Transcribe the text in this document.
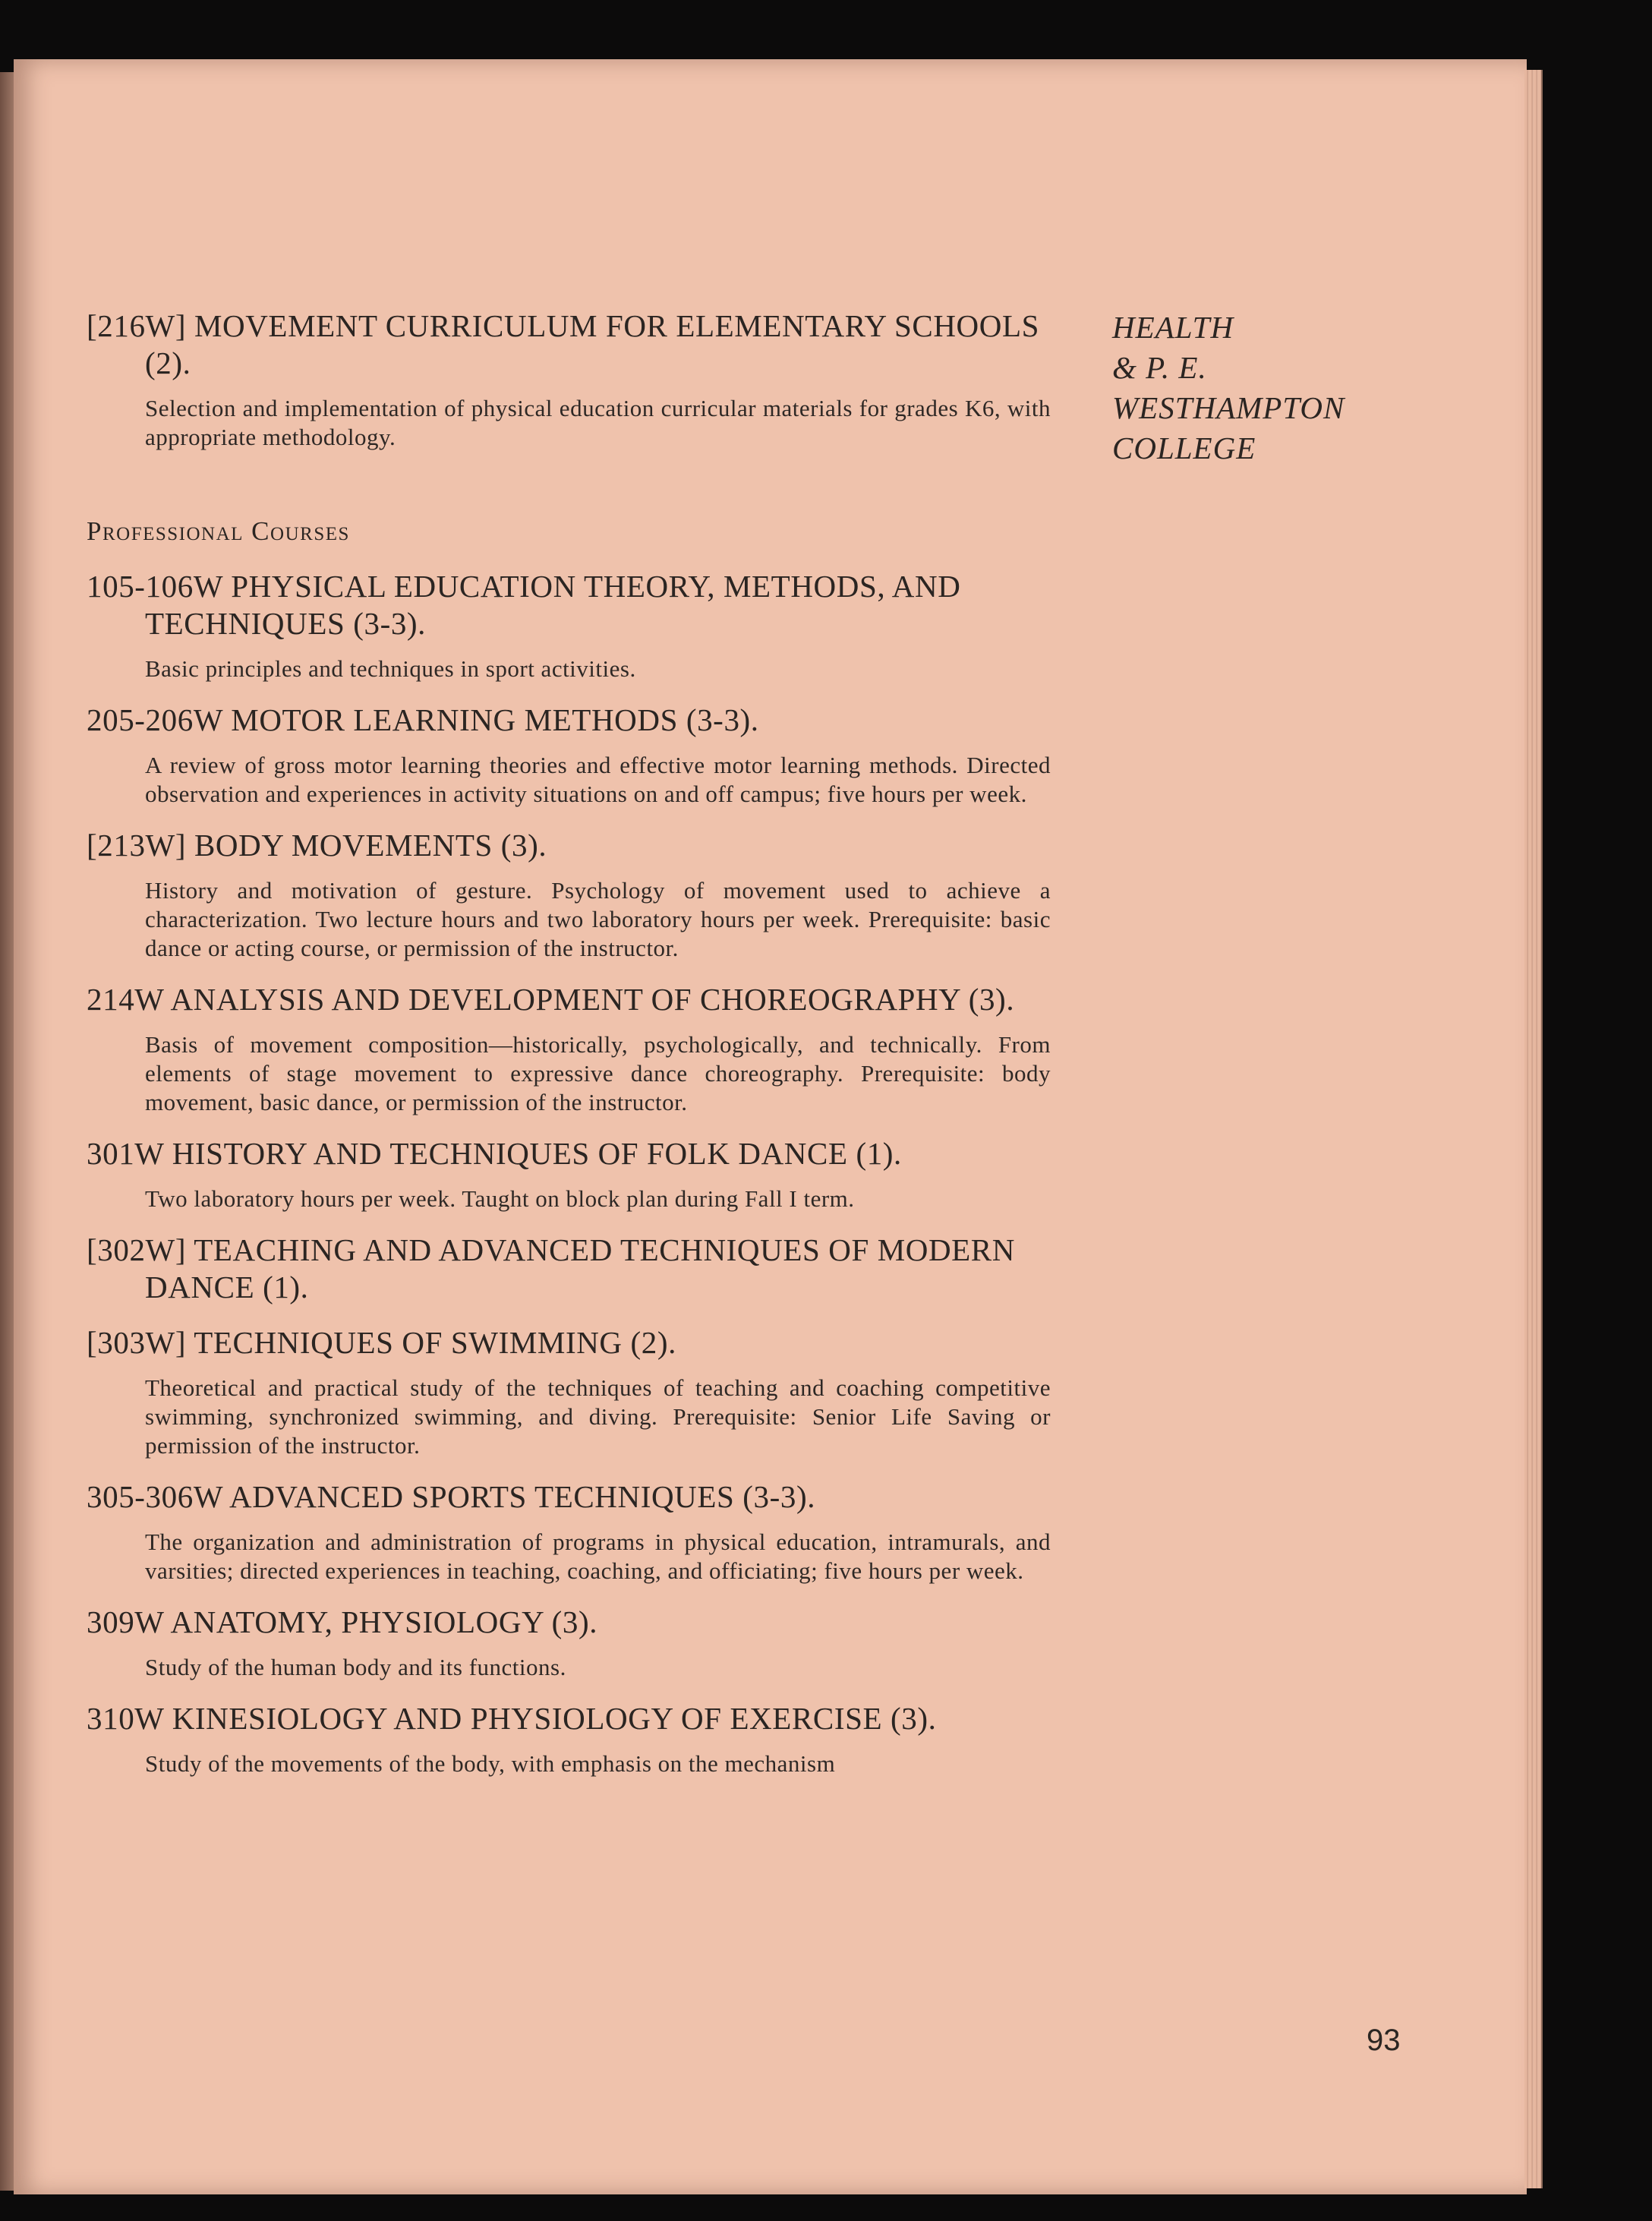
HEALTH
& P. E.
WESTHAMPTON
COLLEGE
[216W] MOVEMENT CURRICULUM FOR ELEMENTARY SCHOOLS (2).
Selection and implementation of physical education curricular materials for grades K6, with appropriate methodology.
Professional Courses
105-106W PHYSICAL EDUCATION THEORY, METHODS, AND TECHNIQUES (3-3).
Basic principles and techniques in sport activities.
205-206W MOTOR LEARNING METHODS (3-3).
A review of gross motor learning theories and effective motor learning methods. Directed observation and experiences in activity situations on and off campus; five hours per week.
[213W] BODY MOVEMENTS (3).
History and motivation of gesture. Psychology of movement used to achieve a characterization. Two lecture hours and two laboratory hours per week. Prerequisite: basic dance or acting course, or permission of the instructor.
214W ANALYSIS AND DEVELOPMENT OF CHOREOGRAPHY (3).
Basis of movement composition—historically, psychologically, and technically. From elements of stage movement to expressive dance choreography. Prerequisite: body movement, basic dance, or permission of the instructor.
301W HISTORY AND TECHNIQUES OF FOLK DANCE (1).
Two laboratory hours per week. Taught on block plan during Fall I term.
[302W] TEACHING AND ADVANCED TECHNIQUES OF MODERN DANCE (1).
[303W] TECHNIQUES OF SWIMMING (2).
Theoretical and practical study of the techniques of teaching and coaching competitive swimming, synchronized swimming, and diving. Prerequisite: Senior Life Saving or permission of the instructor.
305-306W ADVANCED SPORTS TECHNIQUES (3-3).
The organization and administration of programs in physical education, intramurals, and varsities; directed experiences in teaching, coaching, and officiating; five hours per week.
309W ANATOMY, PHYSIOLOGY (3).
Study of the human body and its functions.
310W KINESIOLOGY AND PHYSIOLOGY OF EXERCISE (3).
Study of the movements of the body, with emphasis on the mechanism
93
